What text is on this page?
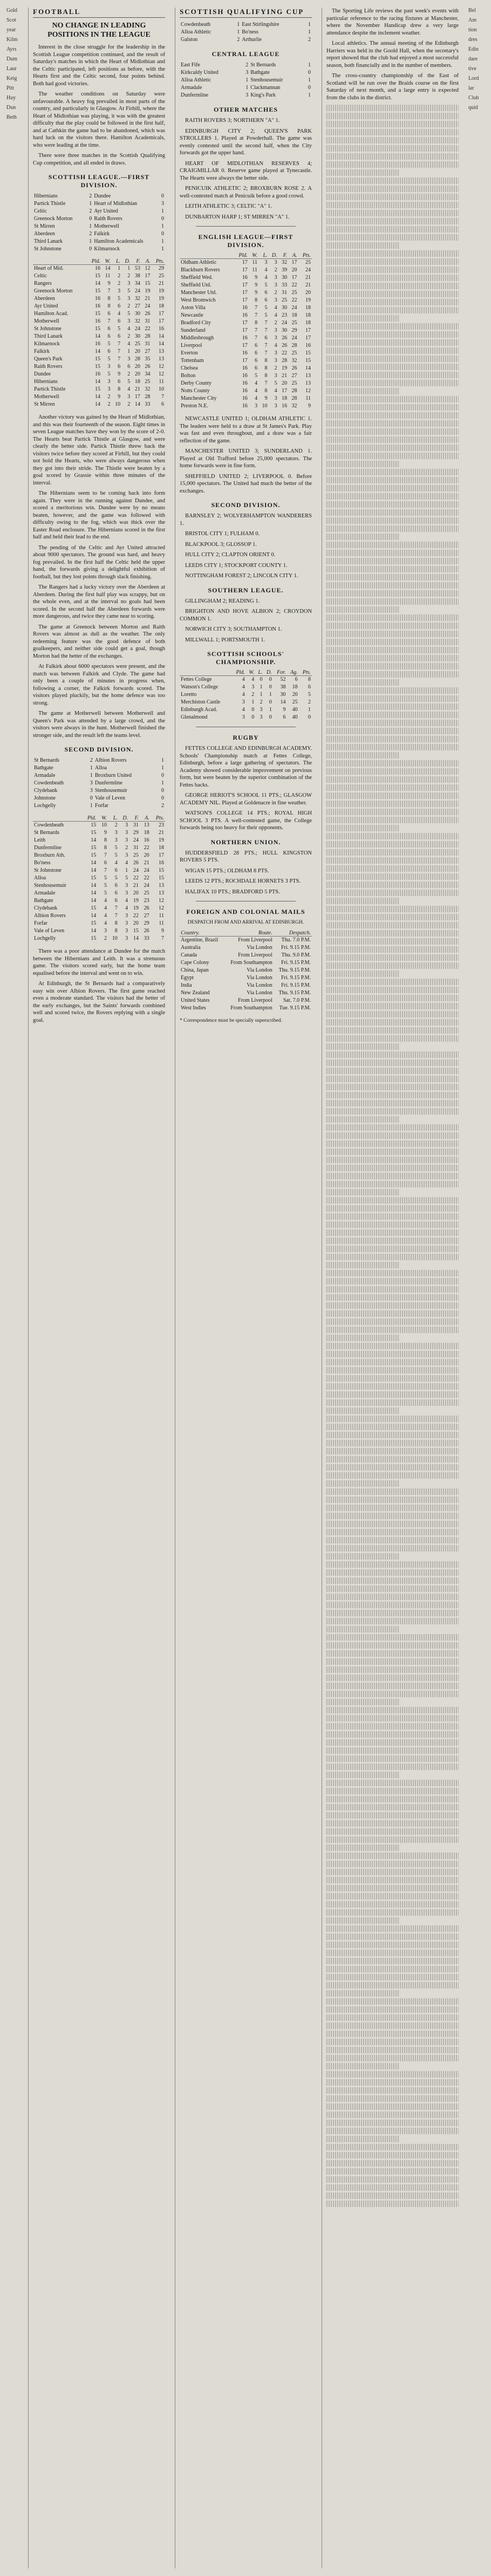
Gold
Scot
year
Kilm
Ayrs
Dum
Laur
Keig
Pitt
Huy
Dun
Beth
FOOTBALL
NO CHANGE IN LEADING POSITIONS IN THE LEAGUE

Interest in the close struggle for the leadership in the Scottish League competition continued, and the result of Saturday's matches in which the Heart of Midlothian and the Celtic participated, left positions as before, with the Hearts first and the Celtic second, four points behind. Both had good victories.

The weather conditions on Saturday were unfavourable. A heavy fog prevailed in most parts of the country, and particularly in Glasgow. At Firhill, where the Heart of Midlothian was playing, it was with the greatest difficulty that the play could be followed in the first half, and at Cathkin the game had to be abandoned, which was hard luck on the visitors there. Hamilton Academicals, who were leading at the time.

There were three matches in the Scottish Qualifying Cup competition, and all ended in draws.

SCOTTISH LEAGUE.—FIRST DIVISION.
Hibernians	2	Dundee	0
Partick Thistle	1	Heart of Midlothian	3
Celtic	2	Ayr United	1
Greenock Morton	0	Raith Rovers	0
St Mirren	1	Motherwell	1
Aberdeen	2	Falkirk	0
Third Lanark	1	Hamilton Academicals	1
St Johnstone	0	Kilmarnock	1
	Pld.	W.	L.	D.	F.	A.	Pts.
Heart of Mid.	16	14	1	1	53	12	29
Celtic	15	11	2	2	38	17	25
Rangers	14	9	2	3	34	15	21
Greenock Morton	15	7	3	5	24	19	19
Aberdeen	16	8	5	3	32	21	19
Ayr United	16	8	6	2	27	24	18
Hamilton Acad.	15	6	4	5	30	26	17
Motherwell	16	7	6	3	32	31	17
St Johnstone	15	6	5	4	24	22	16
Third Lanark	14	6	6	2	30	28	14
Kilmarnock	16	5	7	4	25	31	14
Falkirk	14	6	7	1	20	27	13
Queen's Park	15	5	7	3	28	35	13
Raith Rovers	15	3	6	6	20	26	12
Dundee	16	5	9	2	20	34	12
Hibernians	14	3	6	5	18	25	11
Partick Thistle	15	3	8	4	21	32	10
Motherwell	14	2	9	3	17	28	7
St Mirren	14	2	10	2	14	33	6

Another victory was gained by the Heart of Midlothian, and this was their fourteenth of the season. Eight times in seven League matches have they won by the score of 2-0. The Hearts beat Partick Thistle at Glasgow, and were clearly the better side. Partick Thistle threw back the visitors twice before they scored at Firhill, but they could not hold the Hearts, who were always dangerous when they got into their stride. The Thistle were beaten by a goal scored by Grassie within three minutes of the interval.

The Hibernians seem to be coming back into form again. They were in the running against Dundee, and scored a meritorious win. Dundee were by no means beaten, however, and the game was followed with difficulty owing to the fog, which was thick over the Easter Road enclosure. The Hibernians scored in the first half and held their lead to the end.

The pending of the Celtic and Ayr United attracted about 9000 spectators. The ground was hard, and heavy fog prevailed. In the first half the Celtic held the upper hand, the forwards giving a delightful exhibition of football, but they lost points through slack finishing.

The Rangers had a lucky victory over the Aberdeen at Aberdeen. During the first half play was scrappy, but on the whole even, and at the interval no goals had been scored. In the second half the Aberdeen forwards were more dangerous, and twice they came near to scoring.

The game at Greenock between Morton and Raith Rovers was almost as dull as the weather. The only redeeming feature was the good defence of both goalkeepers, and neither side could get a goal, though Morton had the better of the exchanges.

At Falkirk about 6000 spectators were present, and the match was between Falkirk and Clyde. The game had only been a couple of minutes in progress when, following a corner, the Falkirk forwards scored. The visitors played pluckily, but the home defence was too strong.

The game at Motherwell between Motherwell and Queen's Park was attended by a large crowd, and the visitors were always in the hunt. Motherwell finished the stronger side, and the result left the teams level.

SECOND DIVISION.
St Bernards	2	Albion Rovers	1
Bathgate	1	Alloa	1
Armadale	1	Broxburn United	0
Cowdenbeath	3	Dunfermline	1
Clydebank	3	Stenhousemuir	0
Johnstone	0	Vale of Leven	0
Lochgelly	1	Forfar	2
	Pld.	W.	L.	D.	F.	A.	Pts.
Cowdenbeath	15	10	2	3	31	13	23
St Bernards	15	9	3	3	29	18	21
Leith	14	8	3	3	24	16	19
Dunfermline	15	8	5	2	31	22	18
Broxburn Ath.	15	7	5	3	25	20	17
Bo'ness	14	6	4	4	26	21	16
St Johnstone	14	7	6	1	24	24	15
Alloa	15	5	5	5	22	22	15
Stenhousemuir	14	5	6	3	21	24	13
Armadale	14	5	6	3	20	25	13
Bathgate	14	4	6	4	19	23	12
Clydebank	15	4	7	4	19	26	12
Albion Rovers	14	4	7	3	22	27	11
Forfar	15	4	8	3	20	29	11
Vale of Leven	14	3	8	3	15	26	9
Lochgelly	15	2	10	3	14	33	7

There was a poor attendance at Dundee for the match between the Hibernians and Leith. It was a strenuous game. The visitors scored early, but the home team equalised before the interval and went on to win.

At Edinburgh, the St Bernards had a comparatively easy win over Albion Rovers. The first game reached even a moderate standard. The visitors had the better of the early exchanges, but the Saints' forwards combined well and scored twice, the Rovers replying with a single goal.

SCOTTISH QUALIFYING CUP
Cowdenbeath	1	East Stirlingshire	1
Alloa Athletic	1	Bo'ness	1
Galston	2	Arthurlie	2
CENTRAL LEAGUE
East Fife	2	St Bernards	1
Kirkcaldy United	3	Bathgate	0
Alloa Athletic	1	Stenhousemuir	1
Armadale	1	Clackmannan	0
Dunfermline	3	King's Park	1
OTHER MATCHES

RAITH ROVERS 3; NORTHERN "A" 1.

EDINBURGH CITY 2; QUEEN'S PARK STROLLERS 1. Played at Powderhall. The game was evenly contested until the second half, when the City forwards got the upper hand.

HEART OF MIDLOTHIAN RESERVES 4; CRAIGMILLAR 0. Reserve game played at Tynecastle. The Hearts were always the better side.

PENICUIK ATHLETIC 2; BROXBURN ROSE 2. A well-contested match at Penicuik before a good crowd.

LEITH ATHLETIC 3; CELTIC "A" 1.

DUNBARTON HARP 1; ST MIRREN "A" 1.

ENGLISH LEAGUE—FIRST DIVISION.
	Pld.	W.	L.	D.	F.	A.	Pts.
Oldham Athletic	17	11	3	3	32	17	25
Blackburn Rovers	17	11	4	2	39	20	24
Sheffield Wed.	16	9	4	3	30	17	21
Sheffield Utd.	17	9	5	3	33	22	21
Manchester Utd.	17	9	6	2	31	25	20
West Bromwich	17	8	6	3	25	22	19
Aston Villa	16	7	5	4	30	24	18
Newcastle	16	7	5	4	23	18	18
Bradford City	17	8	7	2	24	25	18
Sunderland	17	7	7	3	30	29	17
Middlesbrough	16	7	6	3	26	24	17
Liverpool	17	6	7	4	26	28	16
Everton	16	6	7	3	22	25	15
Tottenham	17	6	8	3	28	32	15
Chelsea	16	6	8	2	19	26	14
Bolton	16	5	8	3	21	27	13
Derby County	16	4	7	5	20	25	13
Notts County	16	4	8	4	17	28	12
Manchester City	16	4	9	3	18	28	11
Preston N.E.	16	3	10	3	16	32	9

NEWCASTLE UNITED 1; OLDHAM ATHLETIC 1. The leaders were held to a draw at St James's Park. Play was fast and even throughout, and a draw was a fair reflection of the game.

MANCHESTER UNITED 3; SUNDERLAND 1. Played at Old Trafford before 25,000 spectators. The home forwards were in fine form.

SHEFFIELD UNITED 2; LIVERPOOL 0. Before 15,000 spectators. The United had much the better of the exchanges.

SECOND DIVISION.

BARNSLEY 2; WOLVERHAMPTON WANDERERS 1.

BRISTOL CITY 1; FULHAM 0.

BLACKPOOL 3; GLOSSOP 1.

HULL CITY 2; CLAPTON ORIENT 0.

LEEDS CITY 1; STOCKPORT COUNTY 1.

NOTTINGHAM FOREST 2; LINCOLN CITY 1.

SOUTHERN LEAGUE.

GILLINGHAM 2; READING 1.

BRIGHTON AND HOVE ALBION 2; CROYDON COMMON 1.

NORWICH CITY 3; SOUTHAMPTON 1.

MILLWALL 1; PORTSMOUTH 1.

SCOTTISH SCHOOLS' CHAMPIONSHIP.
	Pld.	W.	L.	D.	For.	Ag.	Pts.
Fettes College	4	4	0	0	52	6	8
Watson's College	4	3	1	0	38	18	6
Loretto	4	2	1	1	30	20	5
Merchiston Castle	3	1	2	0	14	25	2
Edinburgh Acad.	4	0	3	1	9	40	1
Glenalmond	3	0	3	0	6	40	0
RUGBY

FETTES COLLEGE AND EDINBURGH ACADEMY. Schools' Championship match at Fettes College, Edinburgh, before a large gathering of spectators. The Academy showed considerable improvement on previous form, but were beaten by the superior combination of the Fettes backs.

GEORGE HERIOT'S SCHOOL 11 PTS.; GLASGOW ACADEMY NIL. Played at Goldenacre in fine weather.

WATSON'S COLLEGE 14 PTS.; ROYAL HIGH SCHOOL 3 PTS. A well-contested game, the College forwards being too heavy for their opponents.

NORTHERN UNION.

HUDDERSFIELD 28 PTS.; HULL KINGSTON ROVERS 5 PTS.

WIGAN 15 PTS.; OLDHAM 8 PTS.

LEEDS 12 PTS.; ROCHDALE HORNETS 3 PTS.

HALIFAX 10 PTS.; BRADFORD 5 PTS.

FOREIGN AND COLONIAL MAILS

DESPATCH FROM AND ARRIVAL AT EDINBURGH.

Country.	Route.	Despatch.
Argentine, Brazil	From Liverpool	Thu. 7.0 P.M.
Australia	Via London	Fri. 9.15 P.M.
Canada	From Liverpool	Thu. 9.0 P.M.
Cape Colony	From Southampton	Fri. 9.15 P.M.
China, Japan	Via London	Thu. 9.15 P.M.
Egypt	Via London	Fri. 9.15 P.M.
India	Via London	Fri. 9.15 P.M.
New Zealand	Via London	Thu. 9.15 P.M.
United States	From Liverpool	Sat. 7.0 P.M.
West Indies	From Southampton	Tue. 9.15 P.M.

* Correspondence must be specially superscribed.

The Sporting Life reviews the past week's events with particular reference to the racing fixtures at Manchester, where the November Handicap drew a very large attendance despite the inclement weather.

Local athletics. The annual meeting of the Edinburgh Harriers was held in the Goold Hall, when the secretary's report showed that the club had enjoyed a most successful season, both financially and in the number of members.

The cross-country championship of the East of Scotland will be run over the Braids course on the first Saturday of next month, and a large entry is expected from the clubs in the district.

Bel
Am
tion
dres
Edin
dare
tive
Lord
lar
Club
quid
